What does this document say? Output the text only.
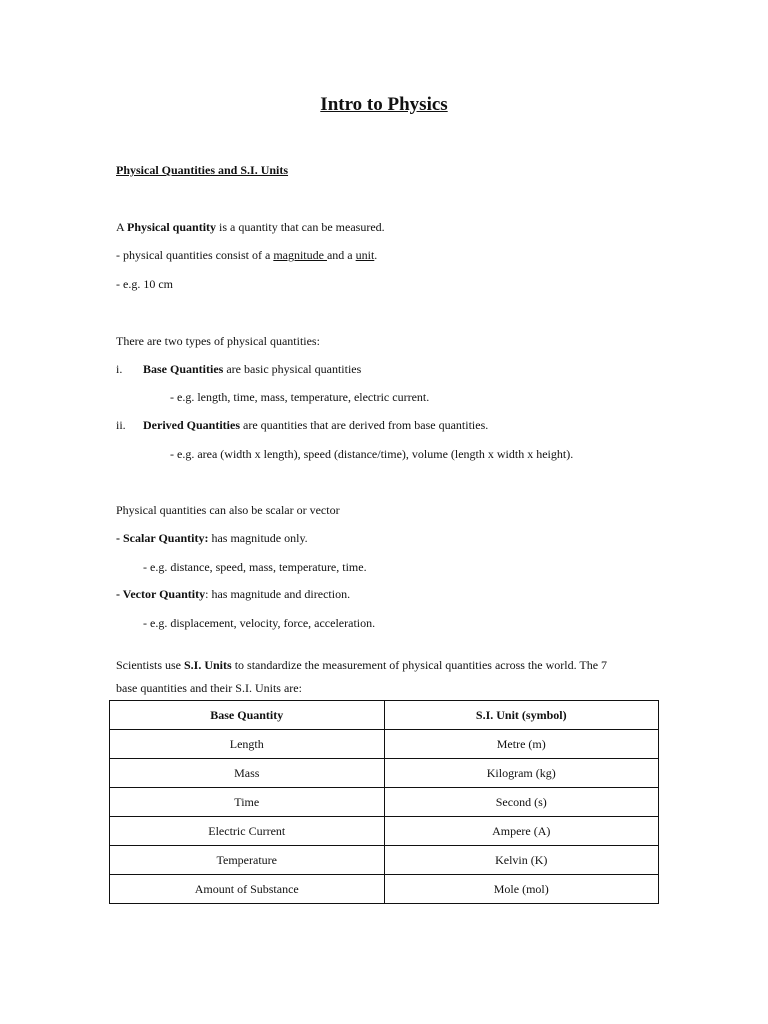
Intro to Physics
Physical Quantities and S.I. Units
A Physical quantity is a quantity that can be measured.
- physical quantities consist of a magnitude and a unit.
- e.g. 10 cm
There are two types of physical quantities:
i. Base Quantities are basic physical quantities
- e.g. length, time, mass, temperature, electric current.
ii. Derived Quantities are quantities that are derived from base quantities.
- e.g. area (width x length), speed (distance/time), volume (length x width x height).
Physical quantities can also be scalar or vector
- Scalar Quantity: has magnitude only.
- e.g. distance, speed, mass, temperature, time.
- Vector Quantity: has magnitude and direction.
- e.g. displacement, velocity, force, acceleration.
Scientists use S.I. Units to standardize the measurement of physical quantities across the world. The 7
base quantities and their S.I. Units are:
Base Quantity	S.I. Unit (symbol)
Length	Metre (m)
Mass	Kilogram (kg)
Time	Second (s)
Electric Current	Ampere (A)
Temperature	Kelvin (K)
Amount of Substance	Mole (mol)
